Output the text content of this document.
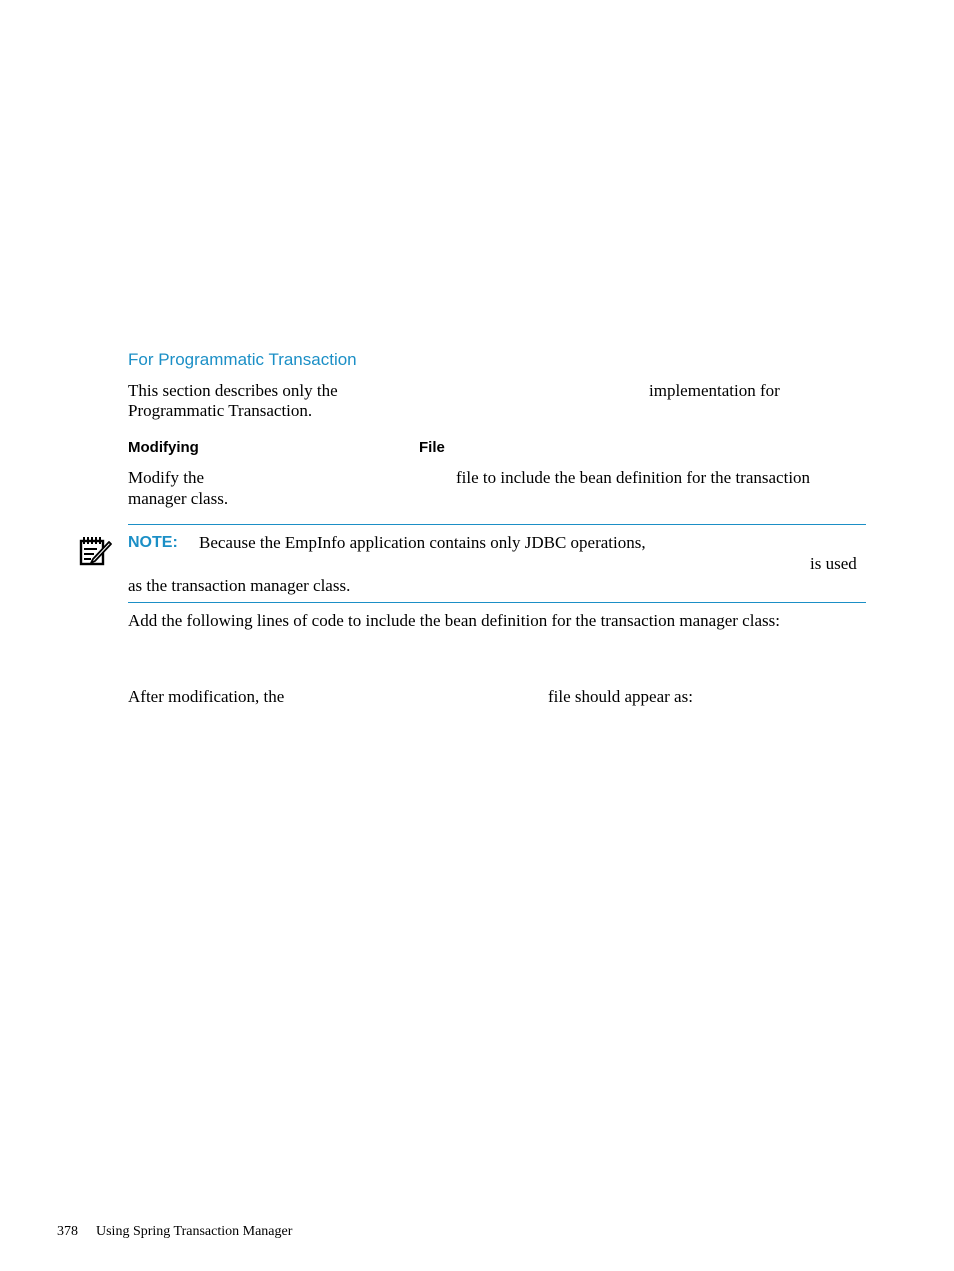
For Programmatic Transaction
This section describes only the	implementation for
Programmatic Transaction.
Modifying	File
Modify the	file to include the bean definition for the transaction
manager class.
NOTE: Because the EmpInfo application contains only JDBC operations,
is used
as the transaction manager class.
Add the following lines of code to include the bean definition for the transaction manager class:
After modification, the	file should appear as:
378 Using Spring Transaction Manager
